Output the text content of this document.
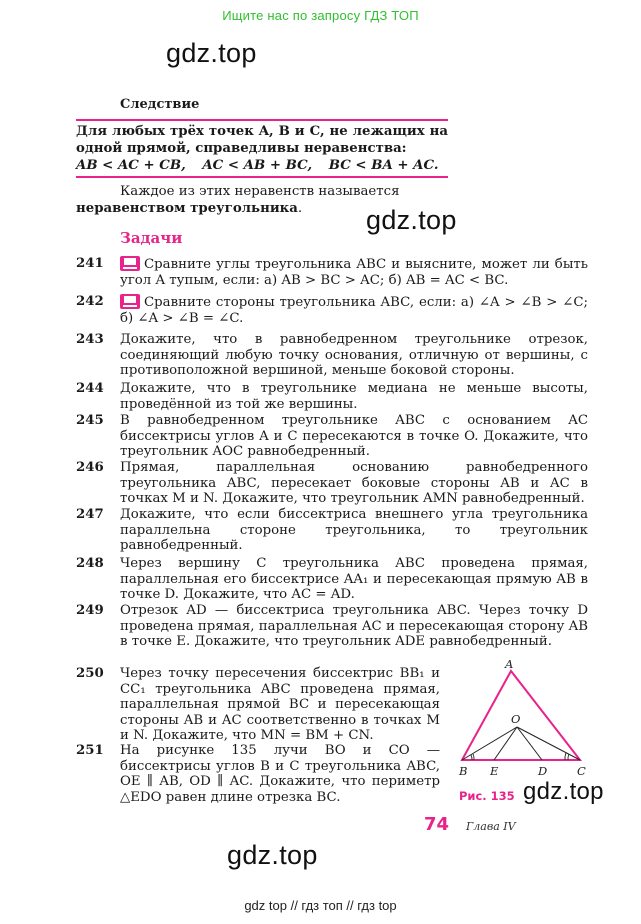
Ищите нас по запросу ГДЗ ТОП
gdz.top
gdz.top
gdz.top
gdz.top
Следствие

Для любых трёх точек A, B и C, не лежащих на одной прямой, справедливы неравенства:

AB < AC + CB, AC < AB + BC, BC < BA + AC.
Каждое из этих неравенств называется неравенством треугольника.
Задачи
241	Сравните углы треугольника ABC и выясните, может ли быть угол A тупым, если: а) AB > BC > AC; б) AB = AC < BC.
242	Сравните стороны треугольника ABC, если: а) ∠A > ∠B > ∠C; б) ∠A > ∠B = ∠C.
243 Докажите, что в равнобедренном треугольнике отрезок, соединяющий любую точку основания, отличную от вершины, с противоположной вершиной, меньше боковой стороны.
244 Докажите, что в треугольнике медиана не меньше высоты, проведённой из той же вершины.
245 В равнобедренном треугольнике ABC с основанием AC биссектрисы углов A и C пересекаются в точке O. Докажите, что треугольник AOC равнобедренный.
246 Прямая, параллельная основанию равнобедренного треугольника ABC, пересекает боковые стороны AB и AC в точках M и N. Докажите, что треугольник AMN равнобедренный.
247 Докажите, что если биссектриса внешнего угла треугольника параллельна стороне треугольника, то треугольник равнобедренный.
248 Через вершину C треугольника ABC проведена прямая, параллельная его биссектрисе AA₁ и пересекающая прямую AB в точке D. Докажите, что AC = AD.
249 Отрезок AD — биссектриса треугольника ABC. Через точку D проведена прямая, параллельная AC и пересекающая сторону AB в точке E. Докажите, что треугольник ADE равнобедренный.
250 Через точку пересечения биссектрис BB₁ и CC₁ треугольника ABC проведена прямая, параллельная прямой BC и пересекающая стороны AB и AC соответственно в точках M и N. Докажите, что MN = BM + CN.
251 На рисунке 135 лучи BO и CO — биссектрисы углов B и C треугольника ABC, OE ∥ AB, OD ∥ AC. Докажите, что периметр △EDO равен длине отрезка BC.
A
O
B E	D	C
Рис. 135
74 Глава IV
gdz top // гдз топ // гдз top
